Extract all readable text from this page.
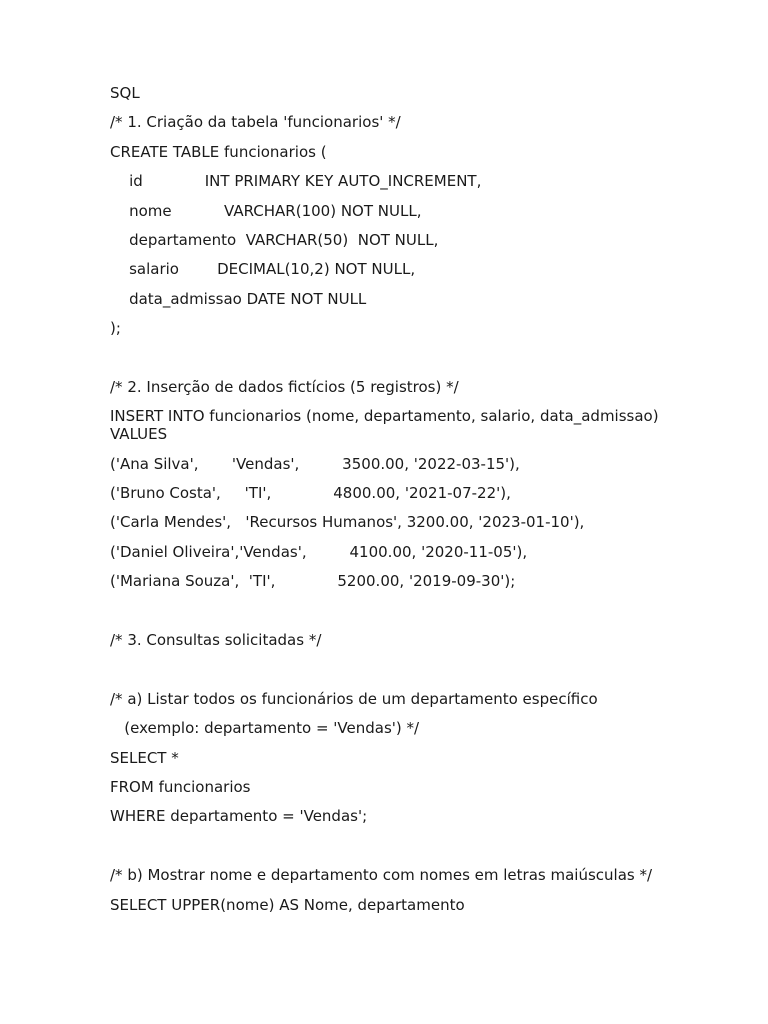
SQL
/* 1. Criação da tabela 'funcionarios' */
CREATE TABLE funcionarios (
id             INT PRIMARY KEY AUTO_INCREMENT,
nome           VARCHAR(100) NOT NULL,
departamento  VARCHAR(50)  NOT NULL,
salario        DECIMAL(10,2) NOT NULL,
data_admissao DATE NOT NULL
);
/* 2. Inserção de dados fictícios (5 registros) */
INSERT INTO funcionarios (nome, departamento, salario, data_admissao) VALUES
('Ana Silva',       'Vendas',         3500.00, '2022-03-15'),
('Bruno Costa',     'TI',             4800.00, '2021-07-22'),
('Carla Mendes',   'Recursos Humanos', 3200.00, '2023-01-10'),
('Daniel Oliveira','Vendas',         4100.00, '2020-11-05'),
('Mariana Souza',  'TI',             5200.00, '2019-09-30');
/* 3. Consultas solicitadas */
/* a) Listar todos os funcionários de um departamento específico
(exemplo: departamento = 'Vendas') */
SELECT *
FROM funcionarios
WHERE departamento = 'Vendas';
/* b) Mostrar nome e departamento com nomes em letras maiúsculas */
SELECT UPPER(nome) AS Nome, departamento
